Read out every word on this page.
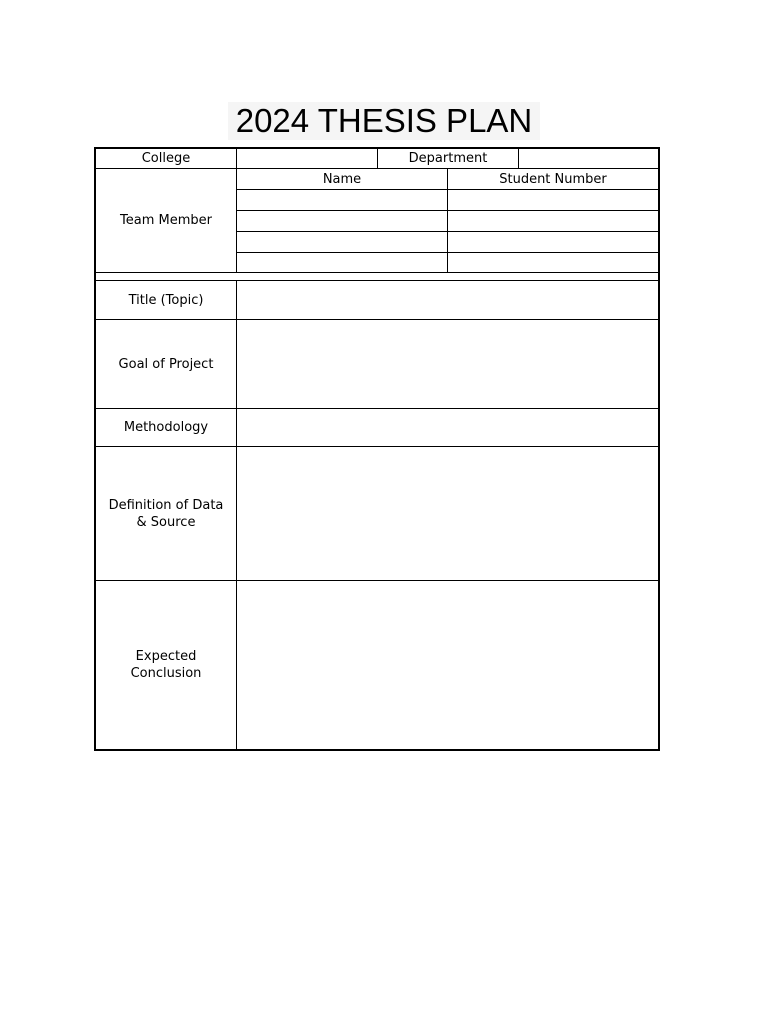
2024 THESIS PLAN
College	Department
Team Member
Name	Student Number
Title (Topic)
Goal of Project
Methodology
Definition of Data
& Source
Expected
Conclusion
